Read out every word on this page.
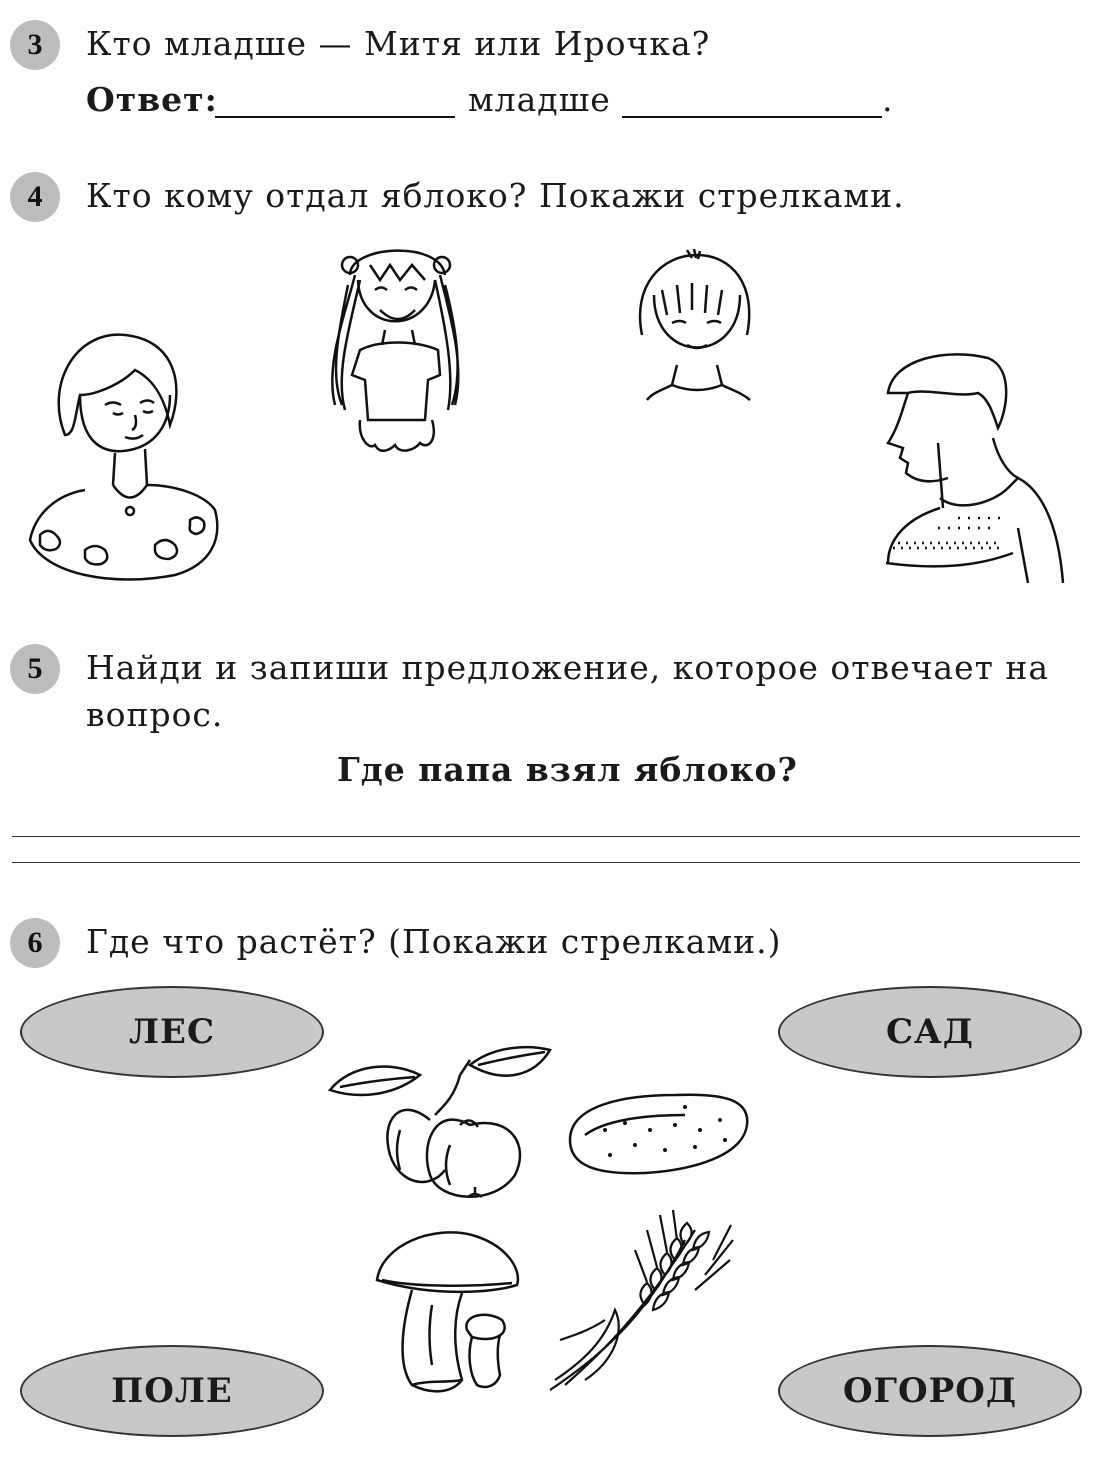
3	Кто младше — Митя или Ирочка?
Ответ:	младше	.
4	Кто кому отдал яблоко? Покажи стрелками.
5	Найди и запиши предложение, которое отвечает на
вопрос.
Где папа взял яблоко?
6	Где что растёт? (Покажи стрелками.)
ЛЕС	САД
ПОЛЕ	ОГОРОД
